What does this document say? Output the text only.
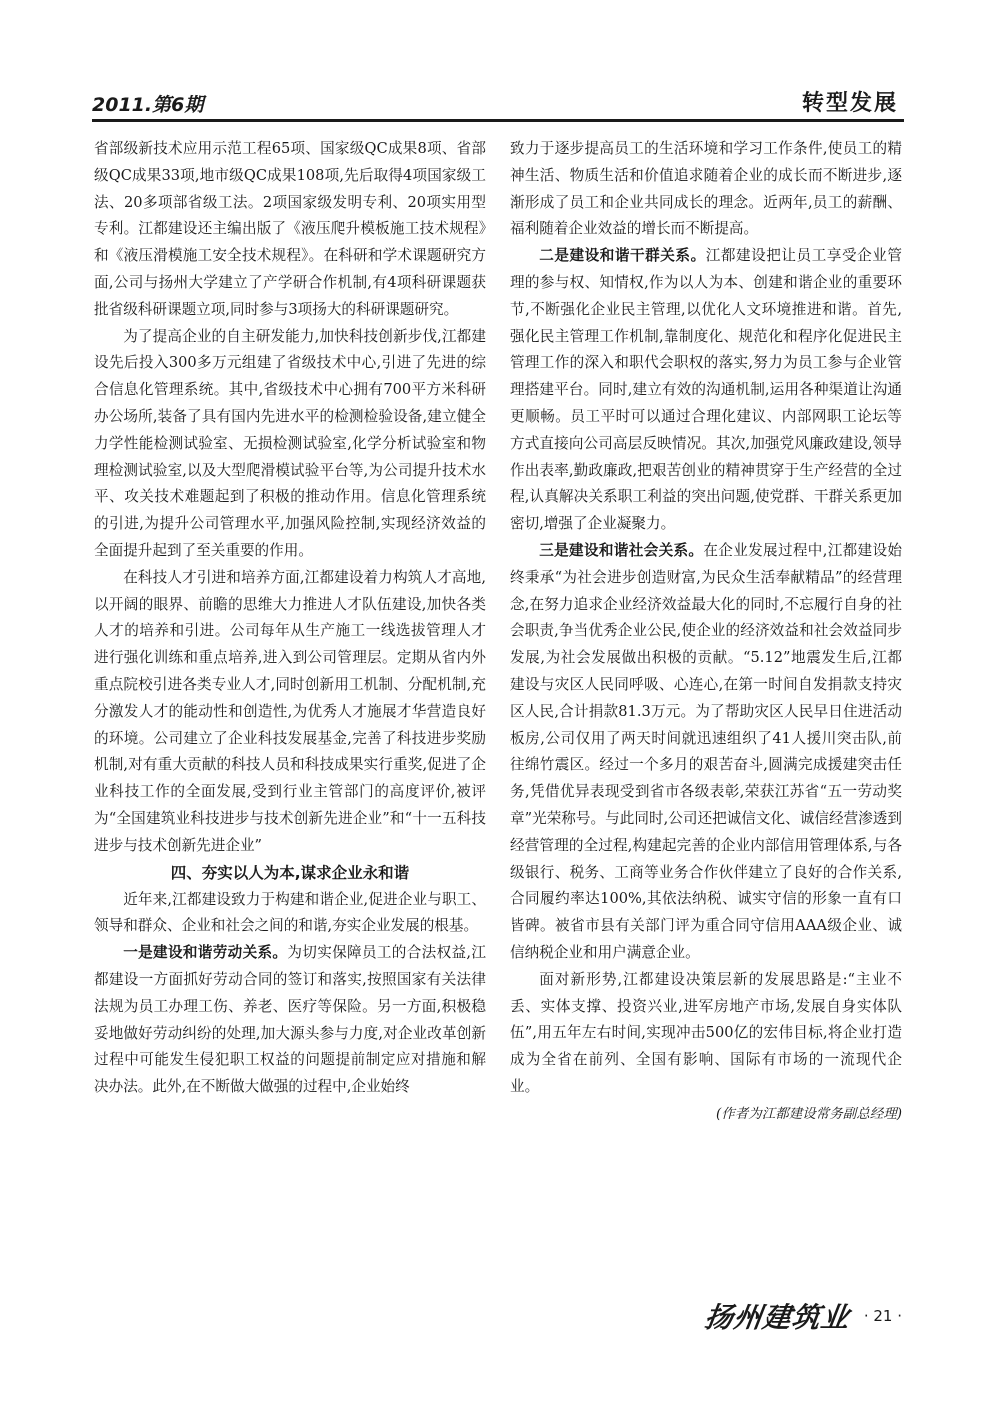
2011.第6期	转型发展

省部级新技术应用示范工程65项、国家级QC成果8项、省部级QC成果33项,地市级QC成果108项,先后取得4项国家级工法、20多项部省级工法。2项国家级发明专利、20项实用型专利。江都建设还主编出版了《液压爬升模板施工技术规程》和《液压滑模施工安全技术规程》。在科研和学术课题研究方面,公司与扬州大学建立了产学研合作机制,有4项科研课题获批省级科研课题立项,同时参与3项扬大的科研课题研究。

为了提高企业的自主研发能力,加快科技创新步伐,江都建设先后投入300多万元组建了省级技术中心,引进了先进的综合信息化管理系统。其中,省级技术中心拥有700平方米科研办公场所,装备了具有国内先进水平的检测检验设备,建立健全力学性能检测试验室、无损检测试验室,化学分析试验室和物理检测试验室,以及大型爬滑模试验平台等,为公司提升技术水平、攻关技术难题起到了积极的推动作用。信息化管理系统的引进,为提升公司管理水平,加强风险控制,实现经济效益的全面提升起到了至关重要的作用。

在科技人才引进和培养方面,江都建设着力构筑人才高地,以开阔的眼界、前瞻的思维大力推进人才队伍建设,加快各类人才的培养和引进。公司每年从生产施工一线选拔管理人才进行强化训练和重点培养,进入到公司管理层。定期从省内外重点院校引进各类专业人才,同时创新用工机制、分配机制,充分激发人才的能动性和创造性,为优秀人才施展才华营造良好的环境。公司建立了企业科技发展基金,完善了科技进步奖励机制,对有重大贡献的科技人员和科技成果实行重奖,促进了企业科技工作的全面发展,受到行业主管部门的高度评价,被评为“全国建筑业科技进步与技术创新先进企业”和“十一五科技进步与技术创新先进企业”

四、夯实以人为本,谋求企业永和谐

近年来,江都建设致力于构建和谐企业,促进企业与职工、领导和群众、企业和社会之间的和谐,夯实企业发展的根基。

一是建设和谐劳动关系。为切实保障员工的合法权益,江都建设一方面抓好劳动合同的签订和落实,按照国家有关法律法规为员工办理工伤、养老、医疗等保险。另一方面,积极稳妥地做好劳动纠纷的处理,加大源头参与力度,对企业改革创新过程中可能发生侵犯职工权益的问题提前制定应对措施和解决办法。此外,在不断做大做强的过程中,企业始终

致力于逐步提高员工的生活环境和学习工作条件,使员工的精神生活、物质生活和价值追求随着企业的成长而不断进步,逐渐形成了员工和企业共同成长的理念。近两年,员工的薪酬、福利随着企业效益的增长而不断提高。

二是建设和谐干群关系。江都建设把让员工享受企业管理的参与权、知情权,作为以人为本、创建和谐企业的重要环节,不断强化企业民主管理,以优化人文环境推进和谐。首先,强化民主管理工作机制,靠制度化、规范化和程序化促进民主管理工作的深入和职代会职权的落实,努力为员工参与企业管理搭建平台。同时,建立有效的沟通机制,运用各种渠道让沟通更顺畅。员工平时可以通过合理化建议、内部网职工论坛等方式直接向公司高层反映情况。其次,加强党风廉政建设,领导作出表率,勤政廉政,把艰苦创业的精神贯穿于生产经营的全过程,认真解决关系职工利益的突出问题,使党群、干群关系更加密切,增强了企业凝聚力。

三是建设和谐社会关系。在企业发展过程中,江都建设始终秉承“为社会进步创造财富,为民众生活奉献精品”的经营理念,在努力追求企业经济效益最大化的同时,不忘履行自身的社会职责,争当优秀企业公民,使企业的经济效益和社会效益同步发展,为社会发展做出积极的贡献。“5.12”地震发生后,江都建设与灾区人民同呼吸、心连心,在第一时间自发捐款支持灾区人民,合计捐款81.3万元。为了帮助灾区人民早日住进活动板房,公司仅用了两天时间就迅速组织了41人援川突击队,前往绵竹震区。经过一个多月的艰苦奋斗,圆满完成援建突击任务,凭借优异表现受到省市各级表彰,荣获江苏省“五一劳动奖章”光荣称号。与此同时,公司还把诚信文化、诚信经营渗透到经营管理的全过程,构建起完善的企业内部信用管理体系,与各级银行、税务、工商等业务合作伙伴建立了良好的合作关系,合同履约率达100%,其依法纳税、诚实守信的形象一直有口皆碑。被省市县有关部门评为重合同守信用AAA级企业、诚信纳税企业和用户满意企业。

面对新形势,江都建设决策层新的发展思路是:“主业不丢、实体支撑、投资兴业,进军房地产市场,发展自身实体队伍”,用五年左右时间,实现冲击500亿的宏伟目标,将企业打造成为全省在前列、全国有影响、国际有市场的一流现代企业。

(作者为江都建设常务副总经理)

扬州建筑业 · 21 ·
